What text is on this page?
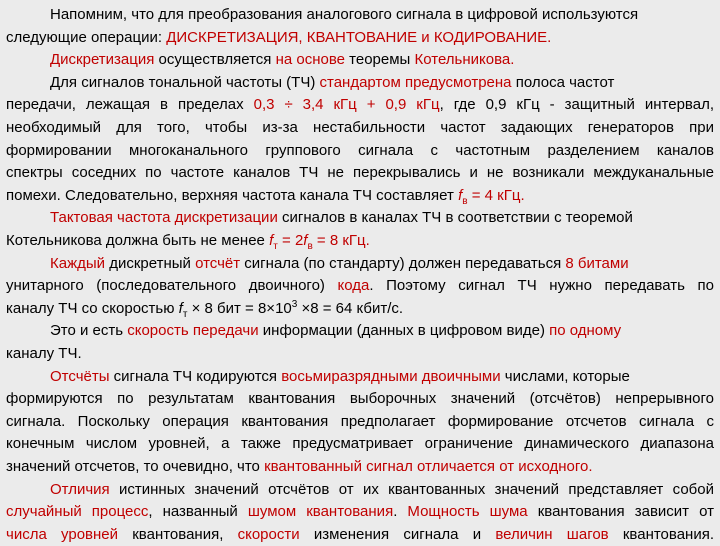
Напомним, что для преобразования аналогового сигнала в цифровой используются
следующие операции: ДИСКРЕТИЗАЦИЯ, КВАНТОВАНИЕ и КОДИРОВАНИЕ.
Дискретизация осуществляется на основе теоремы Котельникова.
Для сигналов тональной частоты (ТЧ) стандартом предусмотрена полоса частот
передачи, лежащая в пределах 0,3 ÷ 3,4 кГц + 0,9 кГц, где 0,9 кГц - защитный интервал,
необходимый для того, чтобы из-за нестабильности частот задающих генераторов при
формировании многоканального группового сигнала с частотным разделением каналов
спектры соседних по частоте каналов ТЧ не перекрывались и не возникали междуканальные
помехи. Следовательно, верхняя частота канала ТЧ составляет $f_в = 4$ кГц.
Тактовая частота дискретизации сигналов в каналах ТЧ в соответствии с теоремой
Котельникова должна быть не менее $f_т = 2f_в = 8$ кГц.
Каждый дискретный отсчёт сигнала (по стандарту) должен передаваться 8 битами
унитарного (последовательного двоичного) кода. Поэтому сигнал ТЧ нужно передавать по
каналу ТЧ со скоростью $f_т \times 8$ бит = $8\times 10^3 \times 8 = 64$ кбит/с.
Это и есть скорость передачи информации (данных в цифровом виде) по одному
каналу ТЧ.
Отсчёты сигнала ТЧ кодируются восьмиразрядными двоичными числами, которые
формируются по результатам квантования выборочных значений (отсчётов) непрерывного
сигнала. Поскольку операция квантования предполагает формирование отсчетов сигнала с
конечным числом уровней, а также предусматривает ограничение динамического диапазона
значений отсчетов, то очевидно, что квантованный сигнал отличается от исходного.
Отличия истинных значений отсчётов от их квантованных значений представляет собой
случайный процесс, названный шумом квантования. Мощность шума квантования зависит от
числа уровней квантования, скорости изменения сигнала и величин шагов квантования.
